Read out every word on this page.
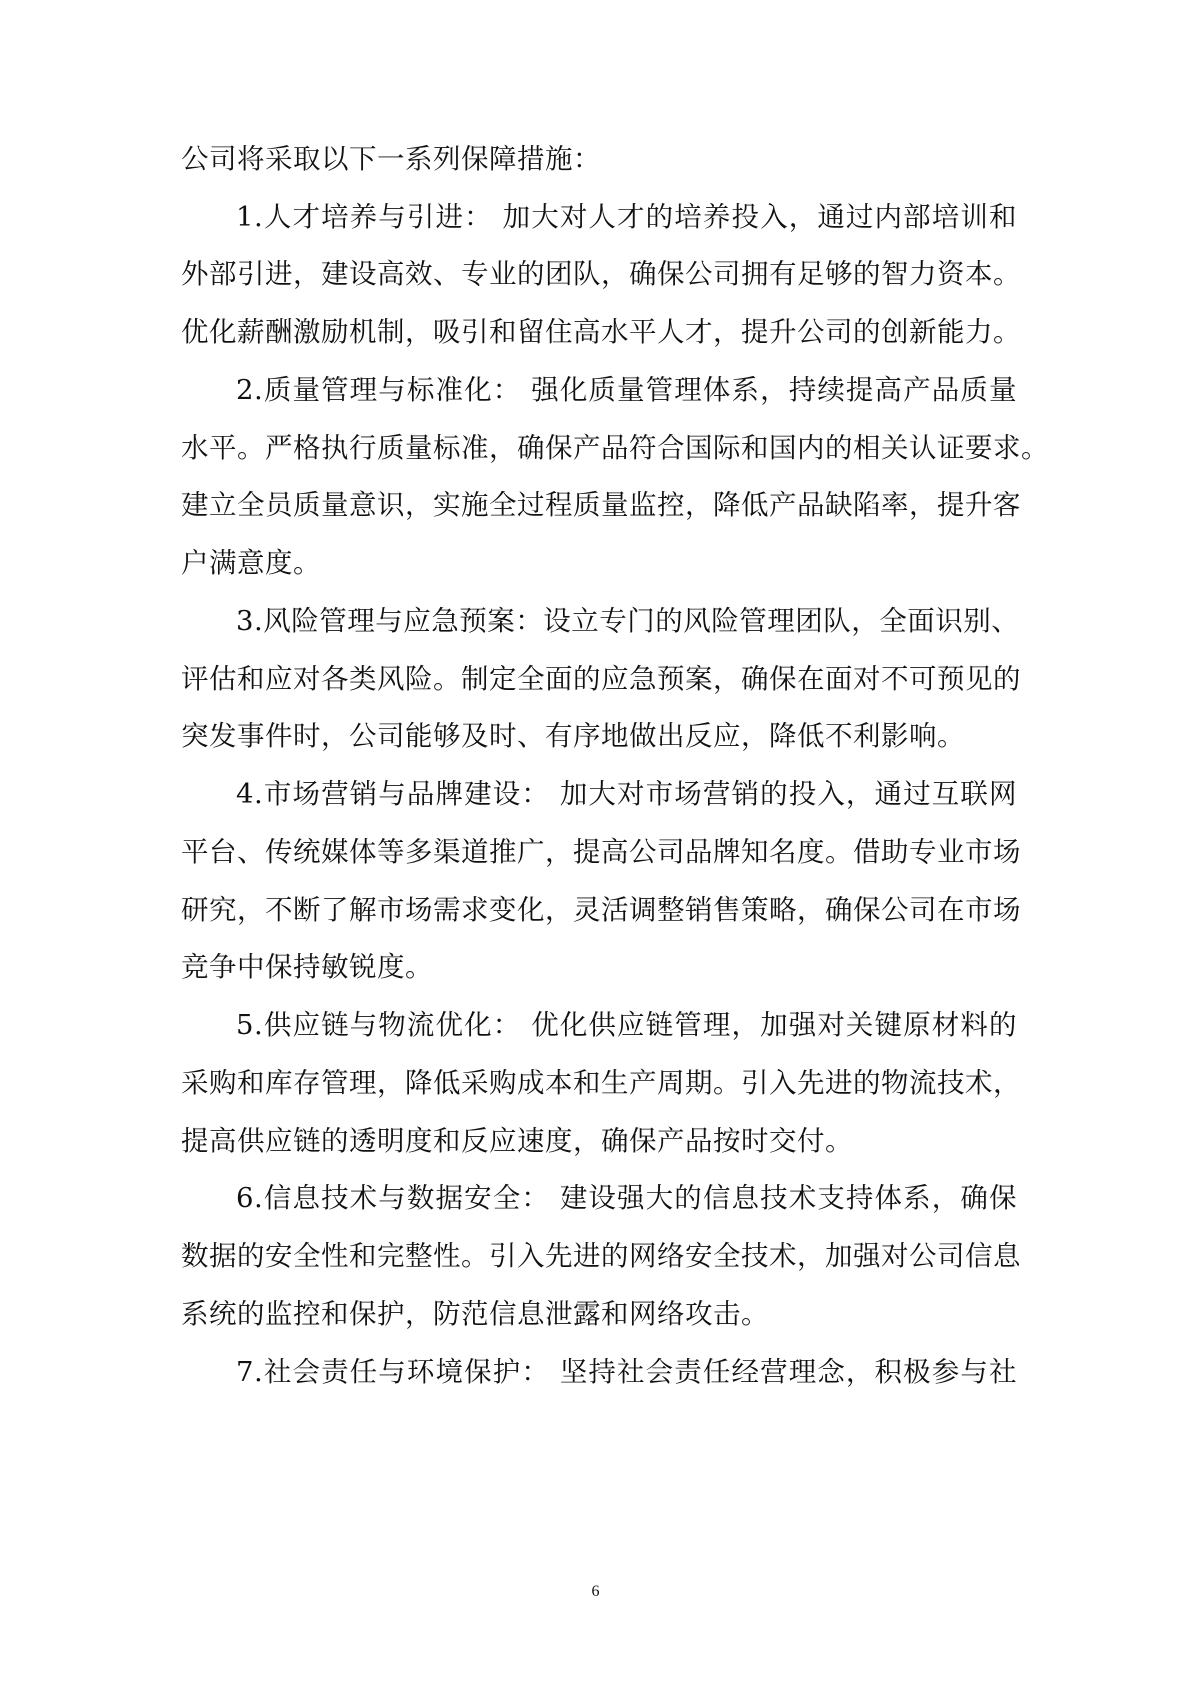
公司将采取以下一系列保障措施：
1.人才培养与引进： 加大对人才的培养投入，通过内部培训和
外部引进，建设高效、专业的团队，确保公司拥有足够的智力资本。
优化薪酬激励机制，吸引和留住高水平人才，提升公司的创新能力。
2.质量管理与标准化： 强化质量管理体系，持续提高产品质量
水平。严格执行质量标准，确保产品符合国际和国内的相关认证要求。
建立全员质量意识，实施全过程质量监控，降低产品缺陷率，提升客
户满意度。
3.风险管理与应急预案：设立专门的风险管理团队，全面识别、
评估和应对各类风险。制定全面的应急预案，确保在面对不可预见的
突发事件时，公司能够及时、有序地做出反应，降低不利影响。
4.市场营销与品牌建设： 加大对市场营销的投入，通过互联网
平台、传统媒体等多渠道推广，提高公司品牌知名度。借助专业市场
研究，不断了解市场需求变化，灵活调整销售策略，确保公司在市场
竞争中保持敏锐度。
5.供应链与物流优化： 优化供应链管理，加强对关键原材料的
采购和库存管理，降低采购成本和生产周期。引入先进的物流技术，
提高供应链的透明度和反应速度，确保产品按时交付。
6.信息技术与数据安全： 建设强大的信息技术支持体系，确保
数据的安全性和完整性。引入先进的网络安全技术，加强对公司信息
系统的监控和保护，防范信息泄露和网络攻击。
7.社会责任与环境保护： 坚持社会责任经营理念，积极参与社
6
